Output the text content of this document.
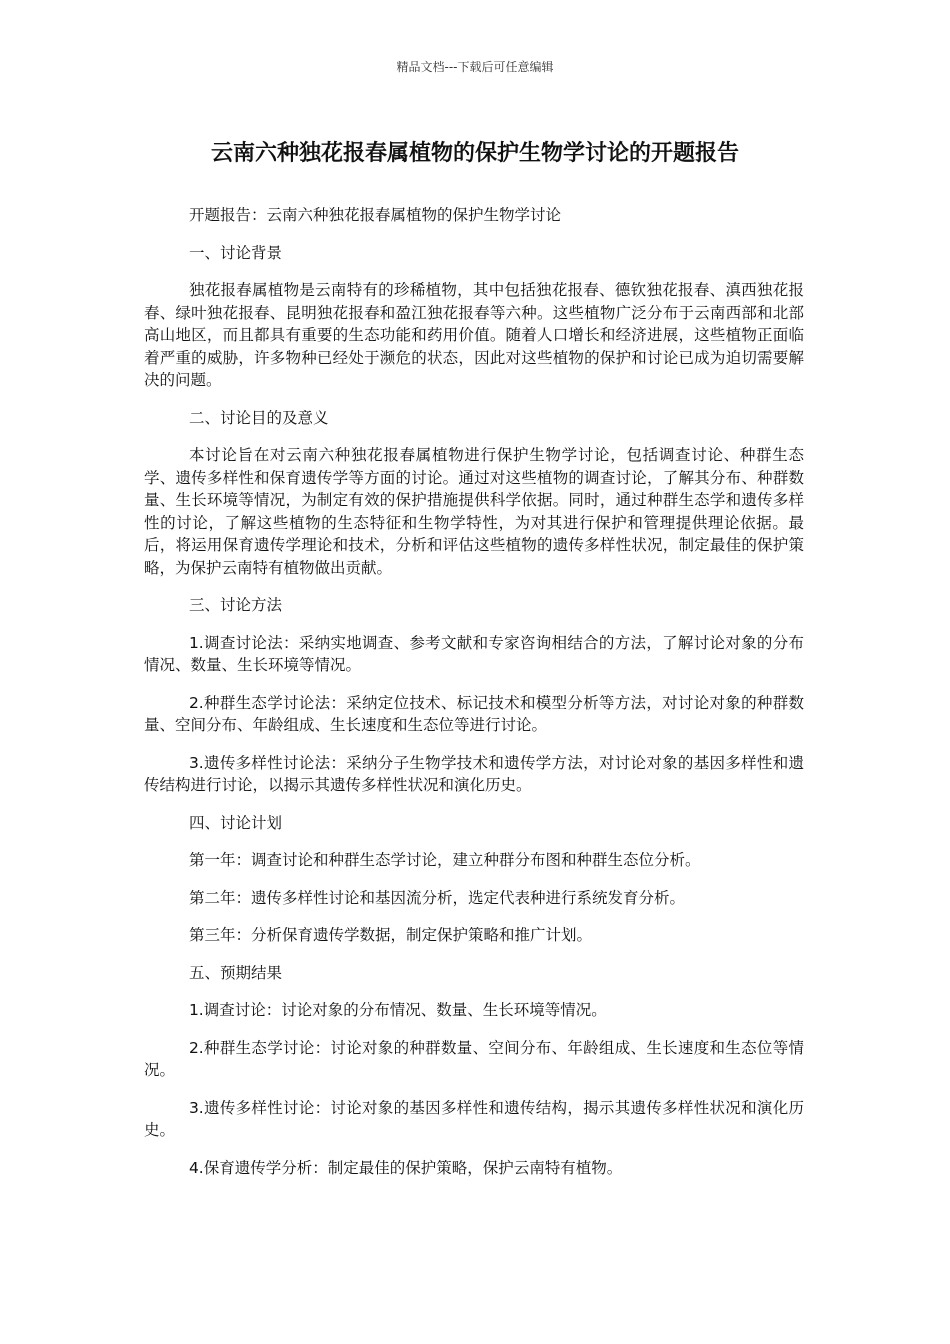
精品文档---下载后可任意编辑
云南六种独花报春属植物的保护生物学讨论的开题报告

开题报告：云南六种独花报春属植物的保护生物学讨论

一、讨论背景

独花报春属植物是云南特有的珍稀植物，其中包括独花报春、德钦独花报春、滇西独花报春、绿叶独花报春、昆明独花报春和盈江独花报春等六种。这些植物广泛分布于云南西部和北部高山地区，而且都具有重要的生态功能和药用价值。随着人口增长和经济进展，这些植物正面临着严重的威胁，许多物种已经处于濒危的状态，因此对这些植物的保护和讨论已成为迫切需要解决的问题。

二、讨论目的及意义

本讨论旨在对云南六种独花报春属植物进行保护生物学讨论，包括调查讨论、种群生态学、遗传多样性和保育遗传学等方面的讨论。通过对这些植物的调查讨论，了解其分布、种群数量、生长环境等情况，为制定有效的保护措施提供科学依据。同时，通过种群生态学和遗传多样性的讨论，了解这些植物的生态特征和生物学特性，为对其进行保护和管理提供理论依据。最后，将运用保育遗传学理论和技术，分析和评估这些植物的遗传多样性状况，制定最佳的保护策略，为保护云南特有植物做出贡献。

三、讨论方法

1.调查讨论法：采纳实地调查、参考文献和专家咨询相结合的方法，了解讨论对象的分布情况、数量、生长环境等情况。

2.种群生态学讨论法：采纳定位技术、标记技术和模型分析等方法，对讨论对象的种群数量、空间分布、年龄组成、生长速度和生态位等进行讨论。

3.遗传多样性讨论法：采纳分子生物学技术和遗传学方法，对讨论对象的基因多样性和遗传结构进行讨论，以揭示其遗传多样性状况和演化历史。

四、讨论计划

第一年：调查讨论和种群生态学讨论，建立种群分布图和种群生态位分析。

第二年：遗传多样性讨论和基因流分析，选定代表种进行系统发育分析。

第三年：分析保育遗传学数据，制定保护策略和推广计划。

五、预期结果

1.调查讨论：讨论对象的分布情况、数量、生长环境等情况。

2.种群生态学讨论：讨论对象的种群数量、空间分布、年龄组成、生长速度和生态位等情况。

3.遗传多样性讨论：讨论对象的基因多样性和遗传结构，揭示其遗传多样性状况和演化历史。

4.保育遗传学分析：制定最佳的保护策略，保护云南特有植物。
